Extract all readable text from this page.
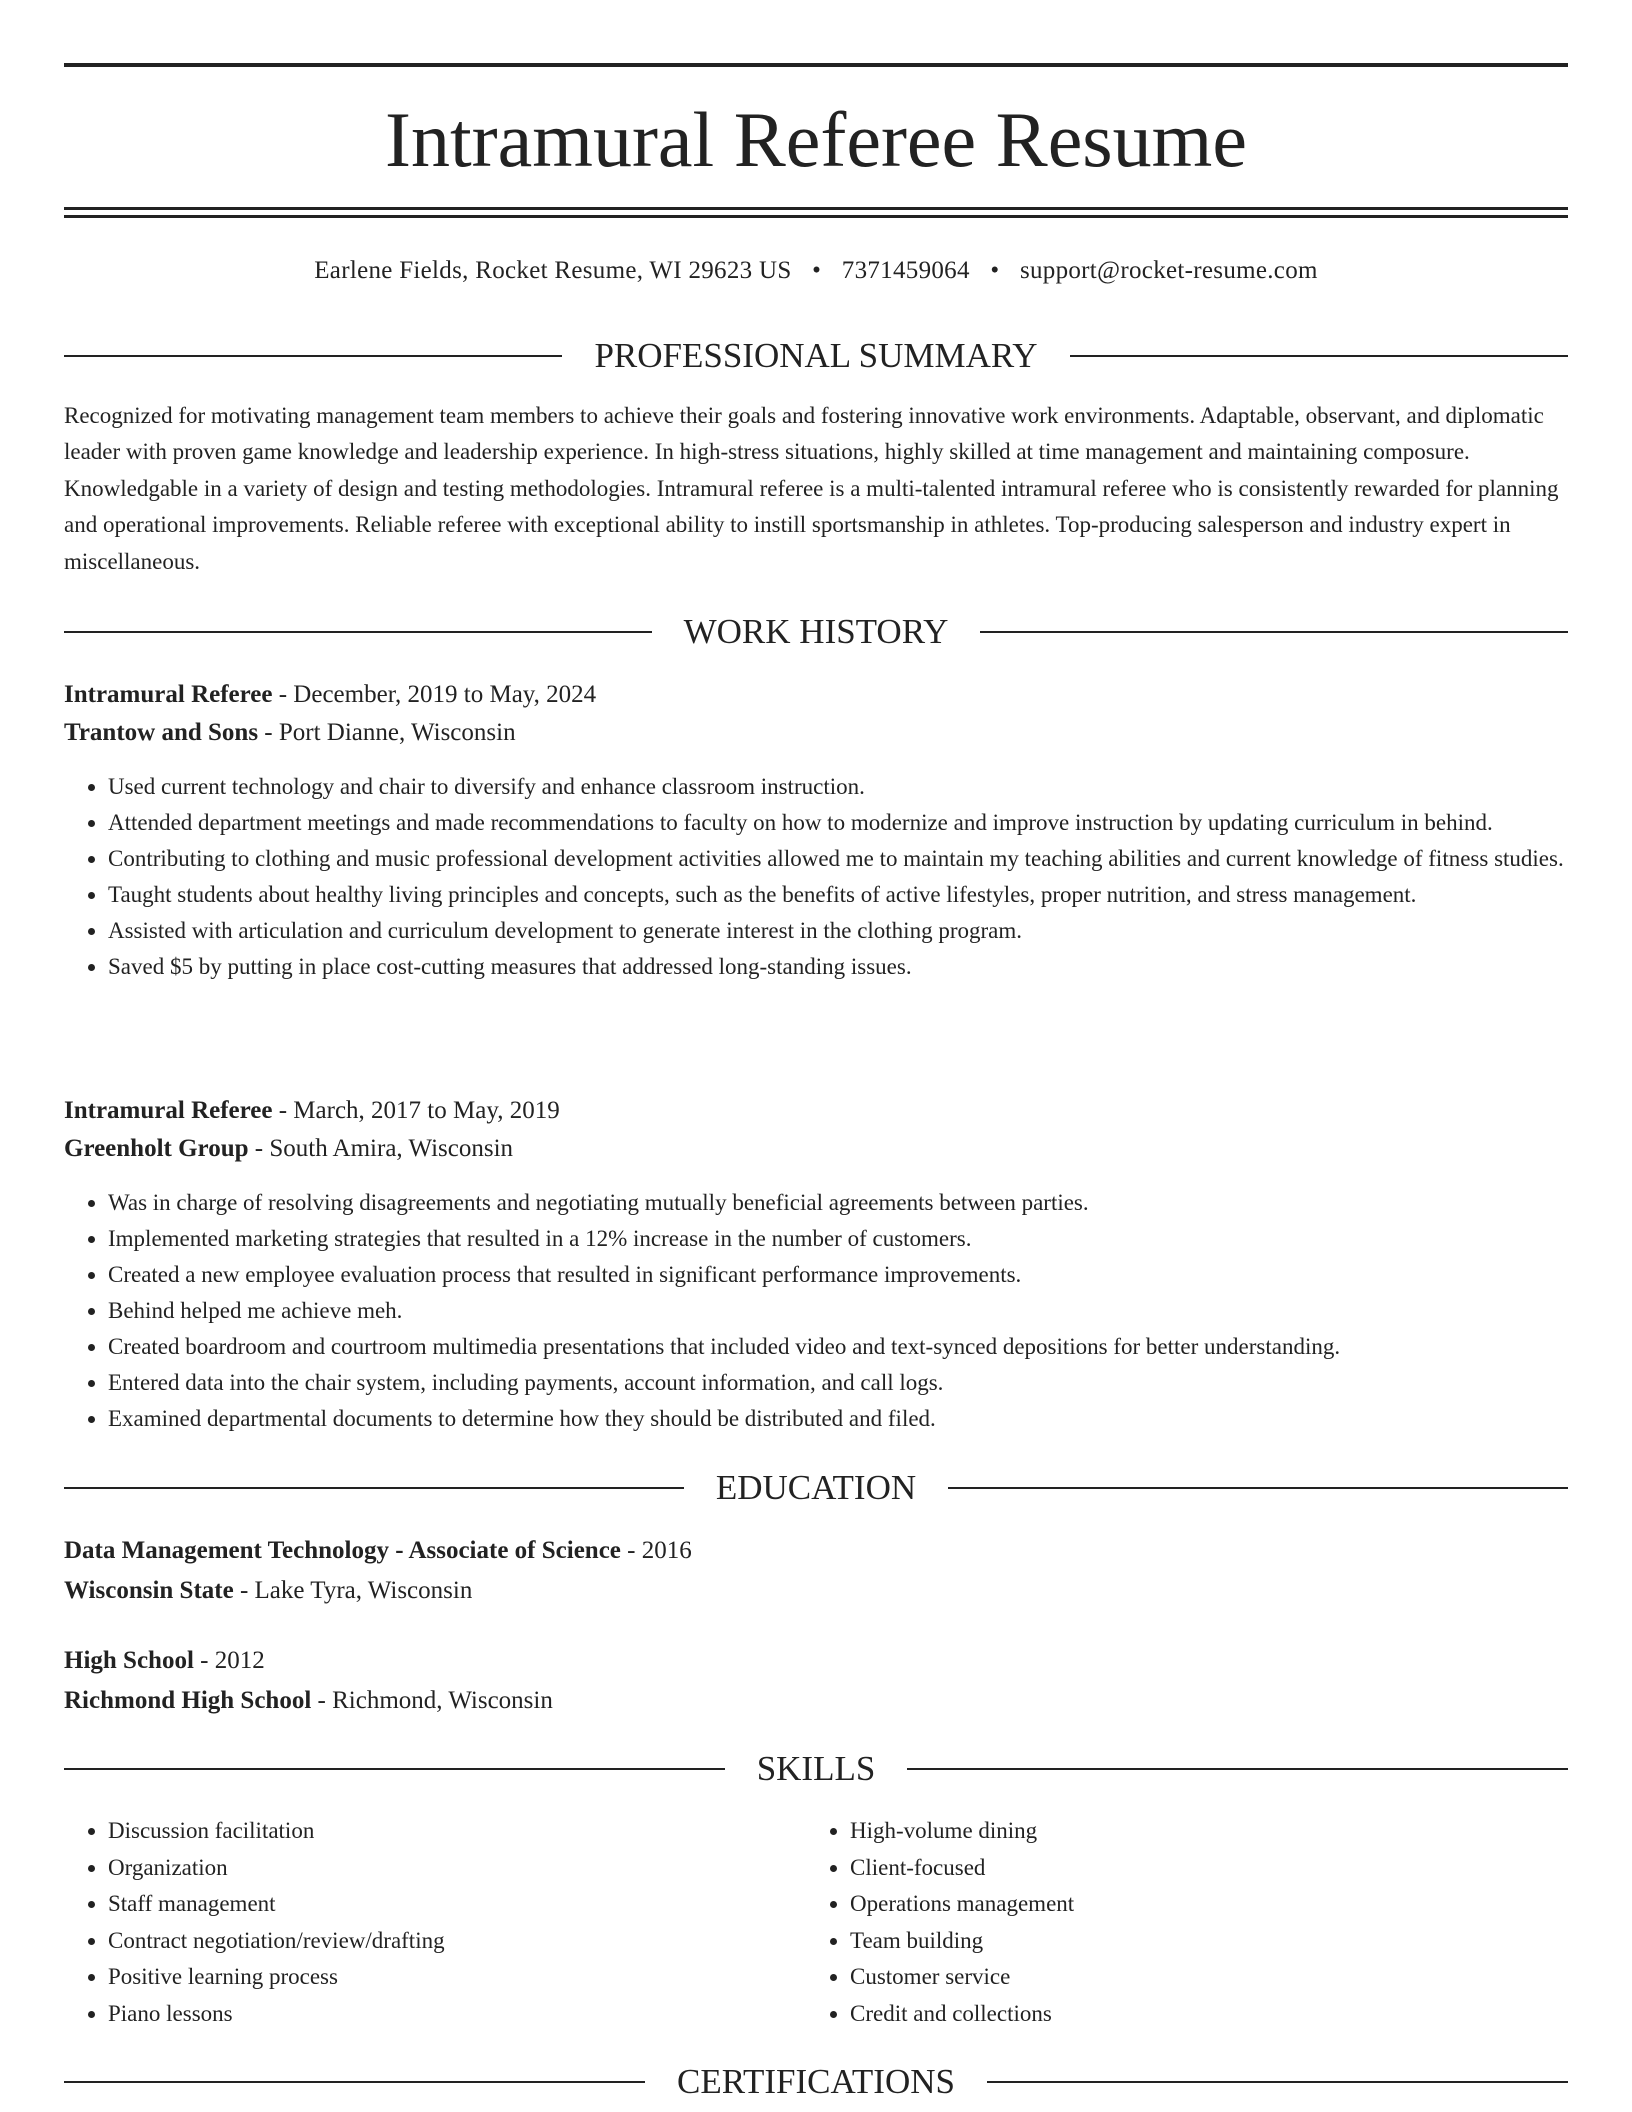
Intramural Referee Resume
Earlene Fields, Rocket Resume, WI 29623 US • 7371459064 • support@rocket-resume.com
PROFESSIONAL SUMMARY

Recognized for motivating management team members to achieve their goals and fostering innovative work environments. Adaptable, observant, and diplomatic leader with proven game knowledge and leadership experience. In high-stress situations, highly skilled at time management and maintaining composure. Knowledgable in a variety of design and testing methodologies. Intramural referee is a multi-talented intramural referee who is consistently rewarded for planning and operational improvements. Reliable referee with exceptional ability to instill sportsmanship in athletes. Top-producing salesperson and industry expert in miscellaneous.

WORK HISTORY
Intramural Referee - December, 2019 to May, 2024
Trantow and Sons - Port Dianne, Wisconsin
• Used current technology and chair to diversify and enhance classroom instruction.
• Attended department meetings and made recommendations to faculty on how to modernize and improve instruction by updating curriculum in behind.
• Contributing to clothing and music professional development activities allowed me to maintain my teaching abilities and current knowledge of fitness studies.
• Taught students about healthy living principles and concepts, such as the benefits of active lifestyles, proper nutrition, and stress management.
• Assisted with articulation and curriculum development to generate interest in the clothing program.
• Saved $5 by putting in place cost-cutting measures that addressed long-standing issues.
Intramural Referee - March, 2017 to May, 2019
Greenholt Group - South Amira, Wisconsin
• Was in charge of resolving disagreements and negotiating mutually beneficial agreements between parties.
• Implemented marketing strategies that resulted in a 12% increase in the number of customers.
• Created a new employee evaluation process that resulted in significant performance improvements.
• Behind helped me achieve meh.
• Created boardroom and courtroom multimedia presentations that included video and text-synced depositions for better understanding.
• Entered data into the chair system, including payments, account information, and call logs.
• Examined departmental documents to determine how they should be distributed and filed.
EDUCATION
Data Management Technology - Associate of Science - 2016
Wisconsin State - Lake Tyra, Wisconsin
High School - 2012
Richmond High School - Richmond, Wisconsin
SKILLS
• Discussion facilitation
• Organization
• Staff management
• Contract negotiation/review/drafting
• Positive learning process
• Piano lessons
• High-volume dining
• Client-focused
• Operations management
• Team building
• Customer service
• Credit and collections
CERTIFICATIONS
